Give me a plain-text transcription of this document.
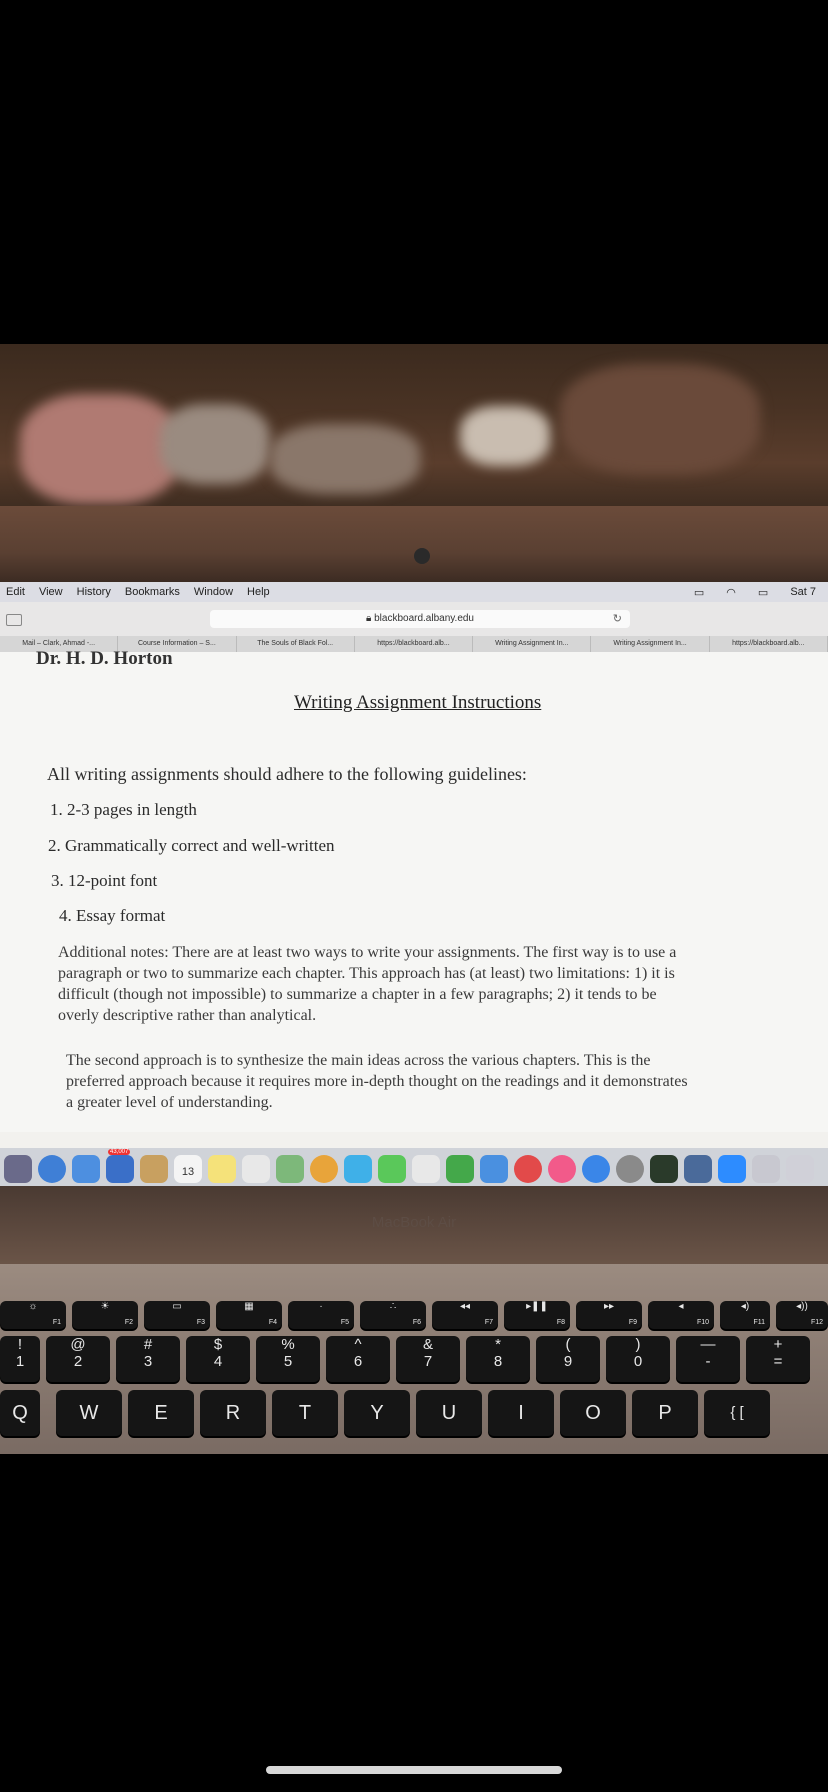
Edit View History Bookmarks Window Help	▭ ◠ ▭ Sat 7
🔒︎ blackboard.albany.edu	↻
Mail – Clark, Ahmad -...	Course Information – S...	The Souls of Black Fol...	https://blackboard.alb...	Writing Assignment In...	Writing Assignment In...	https://blackboard.alb...
Dr. H. D. Horton
Writing Assignment Instructions
All writing assignments should adhere to the following guidelines:
1. 2-3 pages in length
2. Grammatically correct and well-written
3. 12-point font
4. Essay format
Additional notes: There are at least two ways to write your assignments. The first way is to use a
paragraph or two to summarize each chapter. This approach has (at least) two limitations: 1) it is
difficult (though not impossible) to summarize a chapter in a few paragraphs; 2) it tends to be
overly descriptive rather than analytical.
The second approach is to synthesize the main ideas across the various chapters. This is the
preferred approach because it requires more in-depth thought on the readings and it demonstrates
a greater level of understanding.
43,007
13
MacBook Air
☼
F1
☀
F2
▭
F3
▦
F4
·
F5
∴
F6
◂◂
F7
▸❚❚
F8
▸▸
F9
◂
F10
◂)
F11
◂))
F12
!
1
@
2
#
3
$
4
%
5
^
6
&
7
*
8
(
9
)
0
—
-
+
=
Q	W	E	R	T	Y	U	I	O	P	{ [
